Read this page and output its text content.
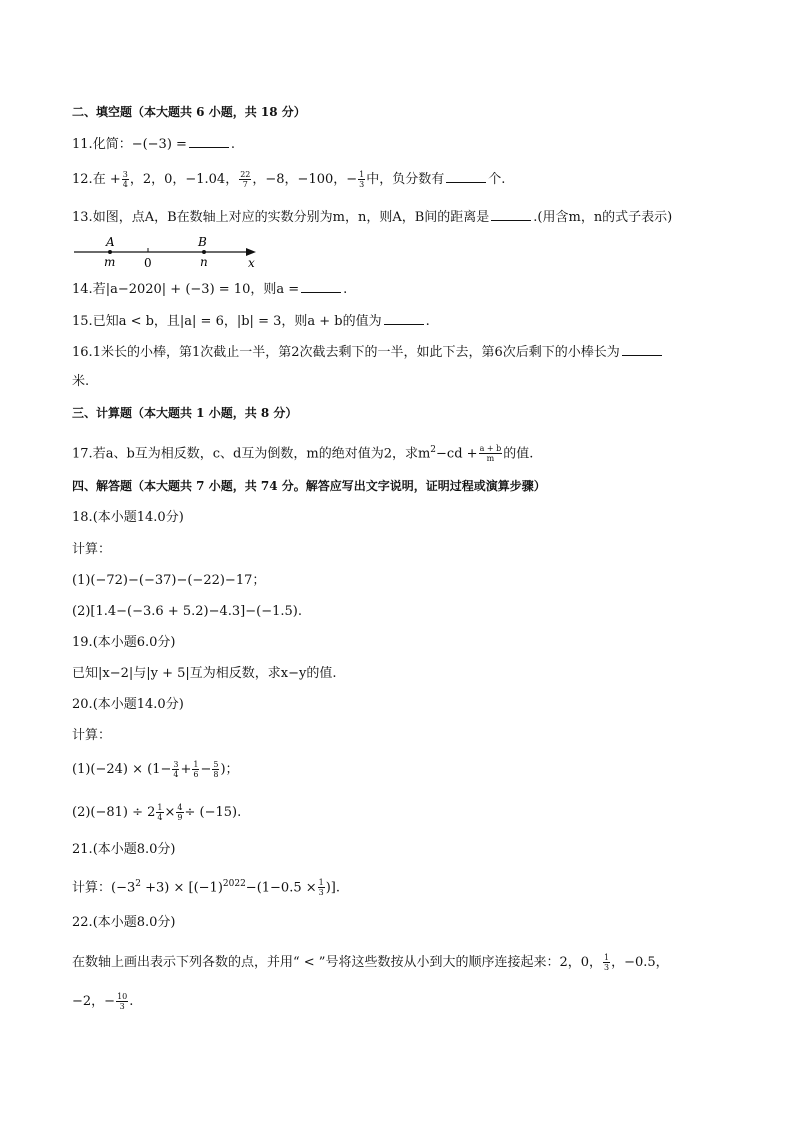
二、填空题（本大题共 6 小题，共 18 分）
11.化简：−(−3) =	.
12.在 + $\frac{3}{4}$ ，2，0，−1.04， $\frac{22}{7}$ ，−8，−100，− $\frac{1}{3}$ 中，负分数有	个.
13.如图，点A，B在数轴上对应的实数分别为m，n，则A，B间的距离是	.(用含m，n的式子表示)
A	B
m 0	n	x
14.若|a−2020| + (−3) = 10，则a =	.
15.已知a < b，且|a| = 6，|b| = 3，则a + b的值为	.
16.1米长的小棒，第1次截止一半，第2次截去剩下的一半，如此下去，第6次后剩下的小棒长为
米.
三、计算题（本大题共 1 小题，共 8 分）
17.若a、b互为相反数，c、d互为倒数，m的绝对值为2，求$m^2-cd + \frac{a + b}{m}$ 的值.
四、解答题（本大题共 7 小题，共 74 分。解答应写出文字说明，证明过程或演算步骤）
18.(本小题14.0分)
计算：
(1)(−72)−(−37)−(−22)−17；
(2)[1.4−(−3.6 + 5.2)−4.3]−(−1.5).
19.(本小题6.0分)
已知|x−2|与|y + 5|互为相反数，求x−y的值.
20.(本小题14.0分)
计算：
$(1)(-24) \times (1- \frac{3}{4} + \frac{1}{6} - \frac{5}{8}$ )；
$(2)(-81) \div 2 \frac{1}{4} \times \frac{4}{9} \div (-15)$.
21.(本小题8.0分)
计算：$(-3^2 +3) \times [(-1)^{2022}-(1-0.5 \times \frac{1}{3}$ )].
22.(本小题8.0分)
在数轴上画出表示下列各数的点，并用“ < ”号将这些数按从小到大的顺序连接起来：2，0， $\frac{1}{3}$ ，−0.5，
−2，− $\frac{10}{3}$ .
